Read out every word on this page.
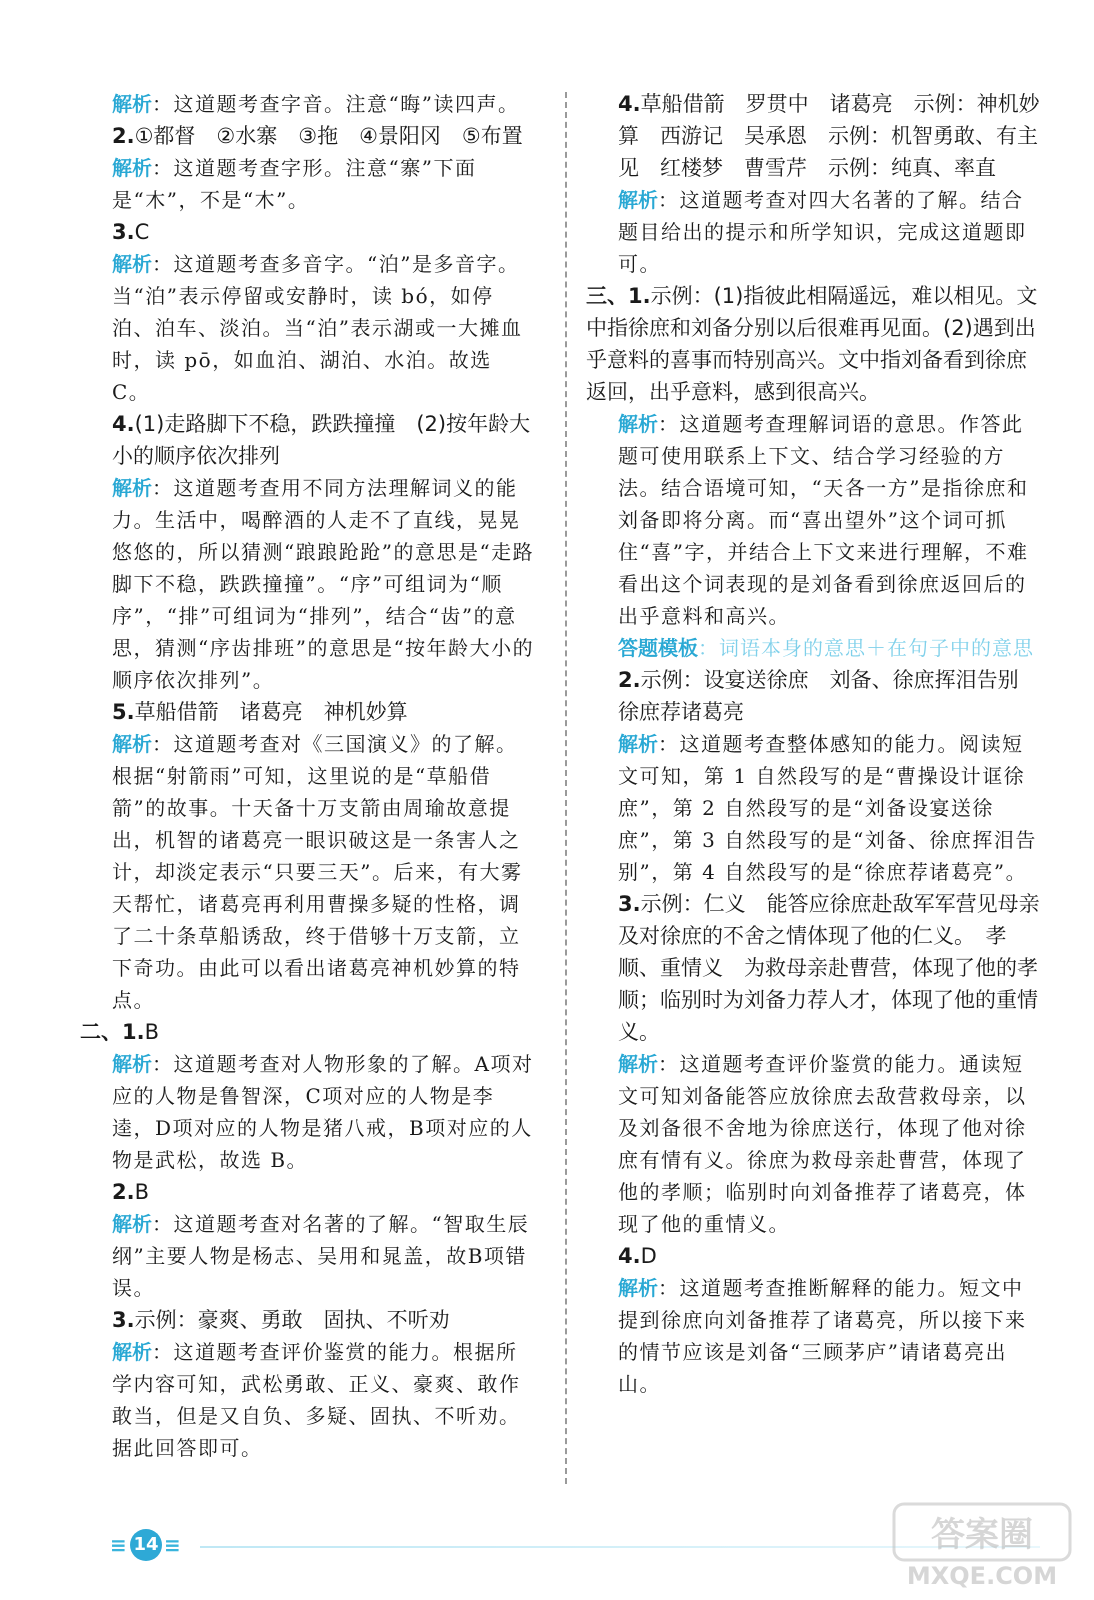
解析：这道题考查字音。注意“晦”读四声。

2.①都督　②水寨　③拖　④景阳冈　⑤布置

解析：这道题考查字形。注意“寨”下面是“木”，不是“木”。

3.C

解析：这道题考查多音字。“泊”是多音字。当“泊”表示停留或安静时，读 bó，如停泊、泊车、淡泊。当“泊”表示湖或一大摊血时，读 pō，如血泊、湖泊、水泊。故选 C。

4.(1)走路脚下不稳，跌跌撞撞　(2)按年龄大小的顺序依次排列

解析：这道题考查用不同方法理解词义的能力。生活中，喝醉酒的人走不了直线，晃晃悠悠的，所以猜测“踉踉跄跄”的意思是“走路脚下不稳，跌跌撞撞”。“序”可组词为“顺序”，“排”可组词为“排列”，结合“齿”的意思，猜测“序齿排班”的意思是“按年龄大小的顺序依次排列”。

5.草船借箭　诸葛亮　神机妙算

解析：这道题考查对《三国演义》的了解。根据“射箭雨”可知，这里说的是“草船借箭”的故事。十天备十万支箭由周瑜故意提出，机智的诸葛亮一眼识破这是一条害人之计，却淡定表示“只要三天”。后来，有大雾天帮忙，诸葛亮再利用曹操多疑的性格，调了二十条草船诱敌，终于借够十万支箭，立下奇功。由此可以看出诸葛亮神机妙算的特点。

二、1.B

解析：这道题考查对人物形象的了解。A项对应的人物是鲁智深，C项对应的人物是李逵，D项对应的人物是猪八戒，B项对应的人物是武松，故选 B。

2.B

解析：这道题考查对名著的了解。“智取生辰纲”主要人物是杨志、吴用和晁盖，故B项错误。

3.示例：豪爽、勇敢　固执、不听劝

解析：这道题考查评价鉴赏的能力。根据所学内容可知，武松勇敢、正义、豪爽、敢作敢当，但是又自负、多疑、固执、不听劝。据此回答即可。

4.草船借箭　罗贯中　诸葛亮　示例：神机妙算　西游记　吴承恩　示例：机智勇敢、有主见　红楼梦　曹雪芹　示例：纯真、率直

解析：这道题考查对四大名著的了解。结合题目给出的提示和所学知识，完成这道题即可。

三、1.示例：(1)指彼此相隔遥远，难以相见。文中指徐庶和刘备分别以后很难再见面。(2)遇到出乎意料的喜事而特别高兴。文中指刘备看到徐庶返回，出乎意料，感到很高兴。

解析：这道题考查理解词语的意思。作答此题可使用联系上下文、结合学习经验的方法。结合语境可知，“天各一方”是指徐庶和刘备即将分离。而“喜出望外”这个词可抓住“喜”字，并结合上下文来进行理解，不难看出这个词表现的是刘备看到徐庶返回后的出乎意料和高兴。

答题模板：词语本身的意思＋在句子中的意思

2.示例：设宴送徐庶　刘备、徐庶挥泪告别　徐庶荐诸葛亮

解析：这道题考查整体感知的能力。阅读短文可知，第 1 自然段写的是“曹操设计诓徐庶”，第 2 自然段写的是“刘备设宴送徐庶”，第 3 自然段写的是“刘备、徐庶挥泪告别”，第 4 自然段写的是“徐庶荐诸葛亮”。

3.示例：仁义　能答应徐庶赴敌军军营见母亲及对徐庶的不舍之情体现了他的仁义。　孝顺、重情义　为救母亲赴曹营，体现了他的孝顺；临别时为刘备力荐人才，体现了他的重情义。

解析：这道题考查评价鉴赏的能力。通读短文可知刘备能答应放徐庶去敌营救母亲，以及刘备很不舍地为徐庶送行，体现了他对徐庶有情有义。徐庶为救母亲赴曹营，体现了他的孝顺；临别时向刘备推荐了诸葛亮，体现了他的重情义。

4.D

解析：这道题考查推断解释的能力。短文中提到徐庶向刘备推荐了诸葛亮，所以接下来的情节应该是刘备“三顾茅庐”请诸葛亮出山。

≡ 14 ≡	答案圈
MXQE.COM
